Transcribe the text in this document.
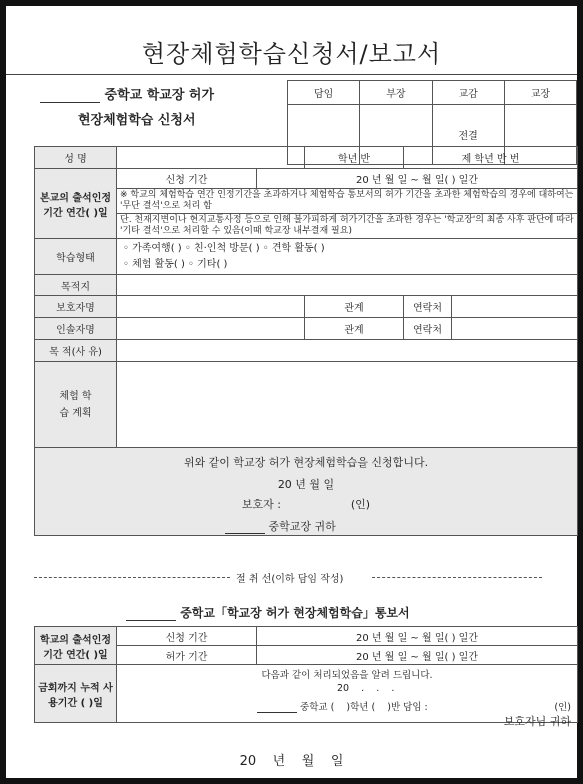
현장체험학습신청서/보고서
중학교 학교장 허가
현장체험학습 신청서
담임	부장	교감	교장
		전결	
성 명			학년 반	제 학년 반 번	
본교의 출석인정 기간 연간( )일	신청 기간	20 년 월 일 ~ 월 일( ) 일간			
	※ 학교의 체험학습 연간 인정기간을 초과하거나 체험학습 통보서의 허가 기간을 초과한 체험학습의 경우에 대하여는 '무단 결석'으로 처리 함				
	단. 천재지변이나 현지교통사정 등으로 인해 불가피하게 허가기간을 초과한 경우는 '학교장'의 최종 사후 판단에 따라 '기타 결석'으로 처리할 수 있음(이때 학교장 내부결재 필요)				
학습형태	◦ 가족여행( ) ◦ 친·인척 방문( ) ◦ 견학 활동( )
◦ 체험 활동( ) ◦ 기타( )				

목적지					
보호자명			관계	연락처	
인솔자명			관계	연락처	
목 적(사 유)					
체험 학습 계획					

위와 같이 학교장 허가 현장체험학습을 신청합니다.
20 년 월 일
보호자 :                    (인)
중학교장 귀하					
절 취 선(이하 담임 작성)
중학교「학교장 허가 현장체험학습」통보서
학교의 출석인정 기간 연간( )일	신청 기간	20 년 월 일 ~ 월 일( ) 일간
	허가 기간	20 년 월 일 ~ 월 일( ) 일간
금회까지 누적 사용기간 ( )일	다음과 같이 처리되었음을 알려 드립니다.
20    .    .    .
중학교 (    )학년 (    )반 담임 : (인)
보호자님 귀하	
20    년    월    일
